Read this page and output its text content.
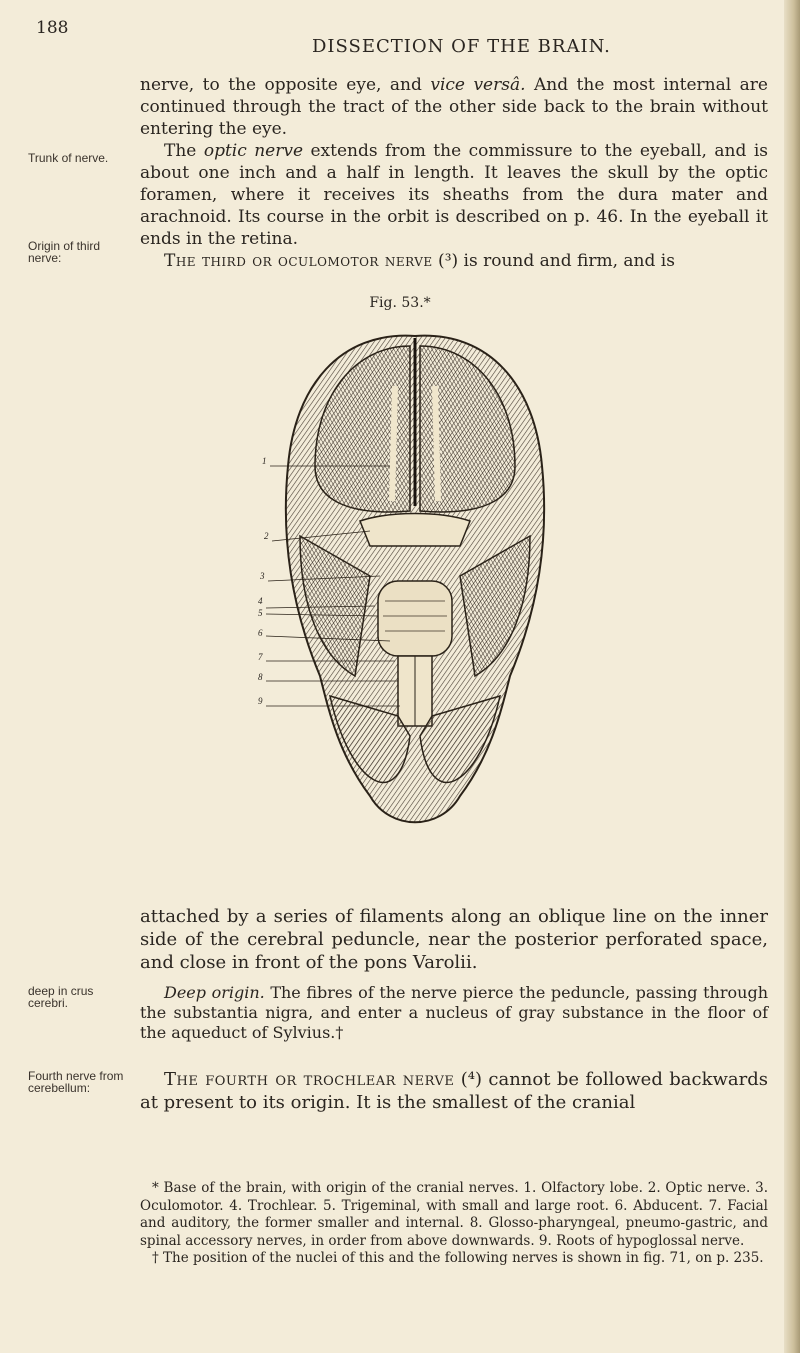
188
DISSECTION OF THE BRAIN.

nerve, to the opposite eye, and vice versâ. And the most internal are continued through the tract of the other side back to the brain without entering the eye.

The optic nerve extends from the commissure to the eyeball, and is about one inch and a half in length. It leaves the skull by the optic foramen, where it receives its sheaths from the dura mater and arachnoid. Its course in the orbit is described on p. 46. In the eyeball it ends in the retina.

The third or oculomotor nerve (³) is round and firm, and is

Trunk of nerve.
Origin of third nerve:
Fig. 53.*
1
2
3
4
5
6
7
8
9

attached by a series of filaments along an oblique line on the inner side of the cerebral peduncle, near the posterior perforated space, and close in front of the pons Varolii.

Deep origin. The fibres of the nerve pierce the peduncle, passing through the substantia nigra, and enter a nucleus of gray substance in the floor of the aqueduct of Sylvius.†

The fourth or trochlear nerve (⁴) cannot be followed backwards at present to its origin. It is the smallest of the cranial

deep in crus cerebri.
Fourth nerve from cerebellum:

* Base of the brain, with origin of the cranial nerves. 1. Olfactory lobe. 2. Optic nerve. 3. Oculomotor. 4. Trochlear. 5. Trigeminal, with small and large root. 6. Abducent. 7. Facial and auditory, the former smaller and internal. 8. Glosso-pharyngeal, pneumo-gastric, and spinal accessory nerves, in order from above downwards. 9. Roots of hypoglossal nerve.

† The position of the nuclei of this and the following nerves is shown in fig. 71, on p. 235.
